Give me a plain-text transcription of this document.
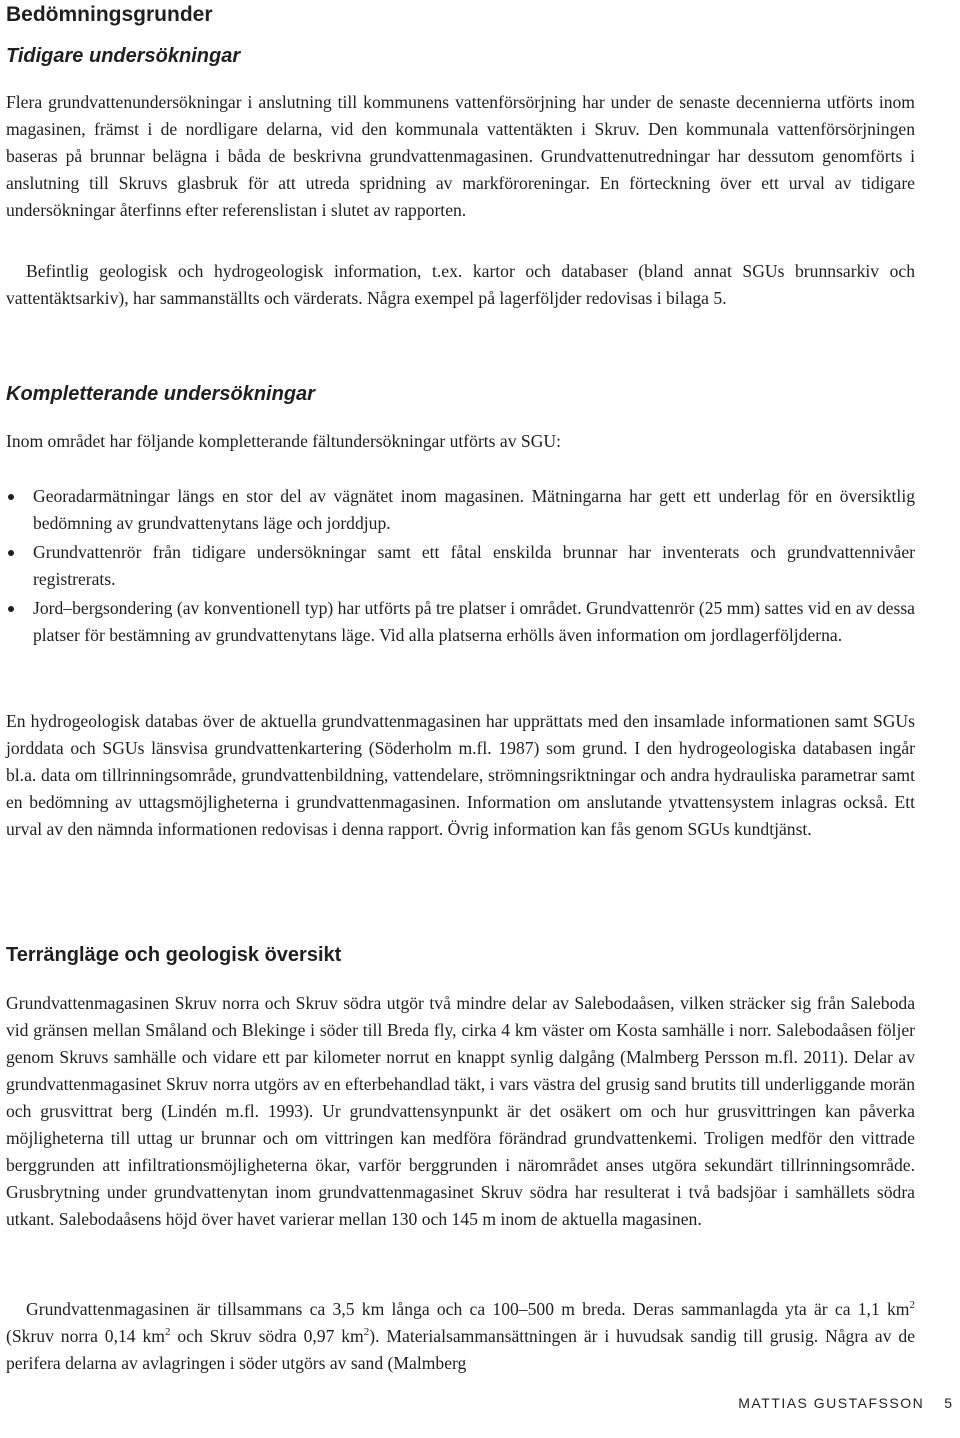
Bedömningsgrunder
Tidigare undersökningar

Flera grundvattenundersökningar i anslutning till kommunens vattenförsörjning har under de senaste decennierna utförts inom magasinen, främst i de nordligare delarna, vid den kommunala vattentäkten i Skruv. Den kommunala vattenförsörjningen baseras på brunnar belägna i båda de beskrivna grundvattenmagasinen. Grundvattenutredningar har dessutom genomförts i anslutning till Skruvs glasbruk för att utreda spridning av markföroreningar. En förteckning över ett urval av tidigare undersökningar återfinns efter referenslistan i slutet av rapporten.

Befintlig geologisk och hydrogeologisk information, t.ex. kartor och databaser (bland annat SGUs brunnsarkiv och vattentäktsarkiv), har sammanställts och värderats. Några exempel på lagerföljder redovisas i bilaga 5.

Kompletterande undersökningar

Inom området har följande kompletterande fältundersökningar utförts av SGU:

Georadarmätningar längs en stor del av vägnätet inom magasinen. Mätningarna har gett ett underlag för en översiktlig bedömning av grundvattenytans läge och jorddjup.
Grundvattenrör från tidigare undersökningar samt ett fåtal enskilda brunnar har inventerats och grundvattennivåer registrerats.
Jord–bergsondering (av konventionell typ) har utförts på tre platser i området. Grundvattenrör (25 mm) sattes vid en av dessa platser för bestämning av grundvattenytans läge. Vid alla platserna erhölls även information om jordlagerföljderna.

En hydrogeologisk databas över de aktuella grundvattenmagasinen har upprättats med den insamlade informationen samt SGUs jorddata och SGUs länsvisa grundvattenkartering (Söderholm m.fl. 1987) som grund. I den hydrogeologiska databasen ingår bl.a. data om tillrinningsområde, grundvattenbildning, vattendelare, strömningsriktningar och andra hydrauliska parametrar samt en bedömning av uttagsmöjligheterna i grundvattenmagasinen. Information om anslutande ytvattensystem inlagras också. Ett urval av den nämnda informationen redovisas i denna rapport. Övrig information kan fås genom SGUs kundtjänst.

Terrängläge och geologisk översikt

Grundvattenmagasinen Skruv norra och Skruv södra utgör två mindre delar av Salebodaåsen, vilken sträcker sig från Saleboda vid gränsen mellan Småland och Blekinge i söder till Breda fly, cirka 4 km väster om Kosta samhälle i norr. Salebodaåsen följer genom Skruvs samhälle och vidare ett par kilometer norrut en knappt synlig dalgång (Malmberg Persson m.fl. 2011). Delar av grundvattenmagasinet Skruv norra utgörs av en efterbehandlad täkt, i vars västra del grusig sand brutits till underliggande morän och grusvittrat berg (Lindén m.fl. 1993). Ur grundvattensynpunkt är det osäkert om och hur grusvittringen kan påverka möjligheterna till uttag ur brunnar och om vittringen kan medföra förändrad grundvattenkemi. Troligen medför den vittrade berggrunden att infiltrationsmöjligheterna ökar, varför berggrunden i närområdet anses utgöra sekundärt tillrinningsområde. Grusbrytning under grundvattenytan inom grundvattenmagasinet Skruv södra har resulterat i två badsjöar i samhällets södra utkant. Salebodaåsens höjd över havet varierar mellan 130 och 145 m inom de aktuella magasinen.

Grundvattenmagasinen är tillsammans ca 3,5 km långa och ca 100–500 m breda. Deras sammanlagda yta är ca 1,1 $km^2$ (Skruv norra 0,14 $km^2$ och Skruv södra 0,97 $km^2$). Materialsammansättningen är i huvudsak sandig till grusig. Några av de perifera delarna av avlagringen i söder utgörs av sand (Malmberg

MATTIAS GUSTAFSSON 5
